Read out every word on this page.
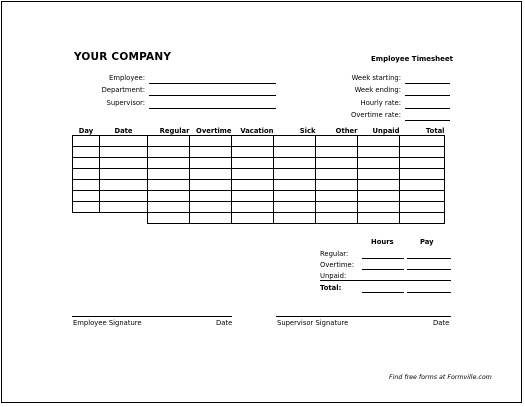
YOUR COMPANY	Employee Timesheet
Employee:
Department:
Supervisor:
Week starting:
Week ending:
Hourly rate:
Overtime rate:
Day	Date	Regular	Overtime	Vacation	Sick	Other	Unpaid	Total

Hours	Pay
Regular:
Overtime:
Unpaid:
Total:
Employee Signature	Date	Supervisor Signature	Date
Find free forms at Formville.com
